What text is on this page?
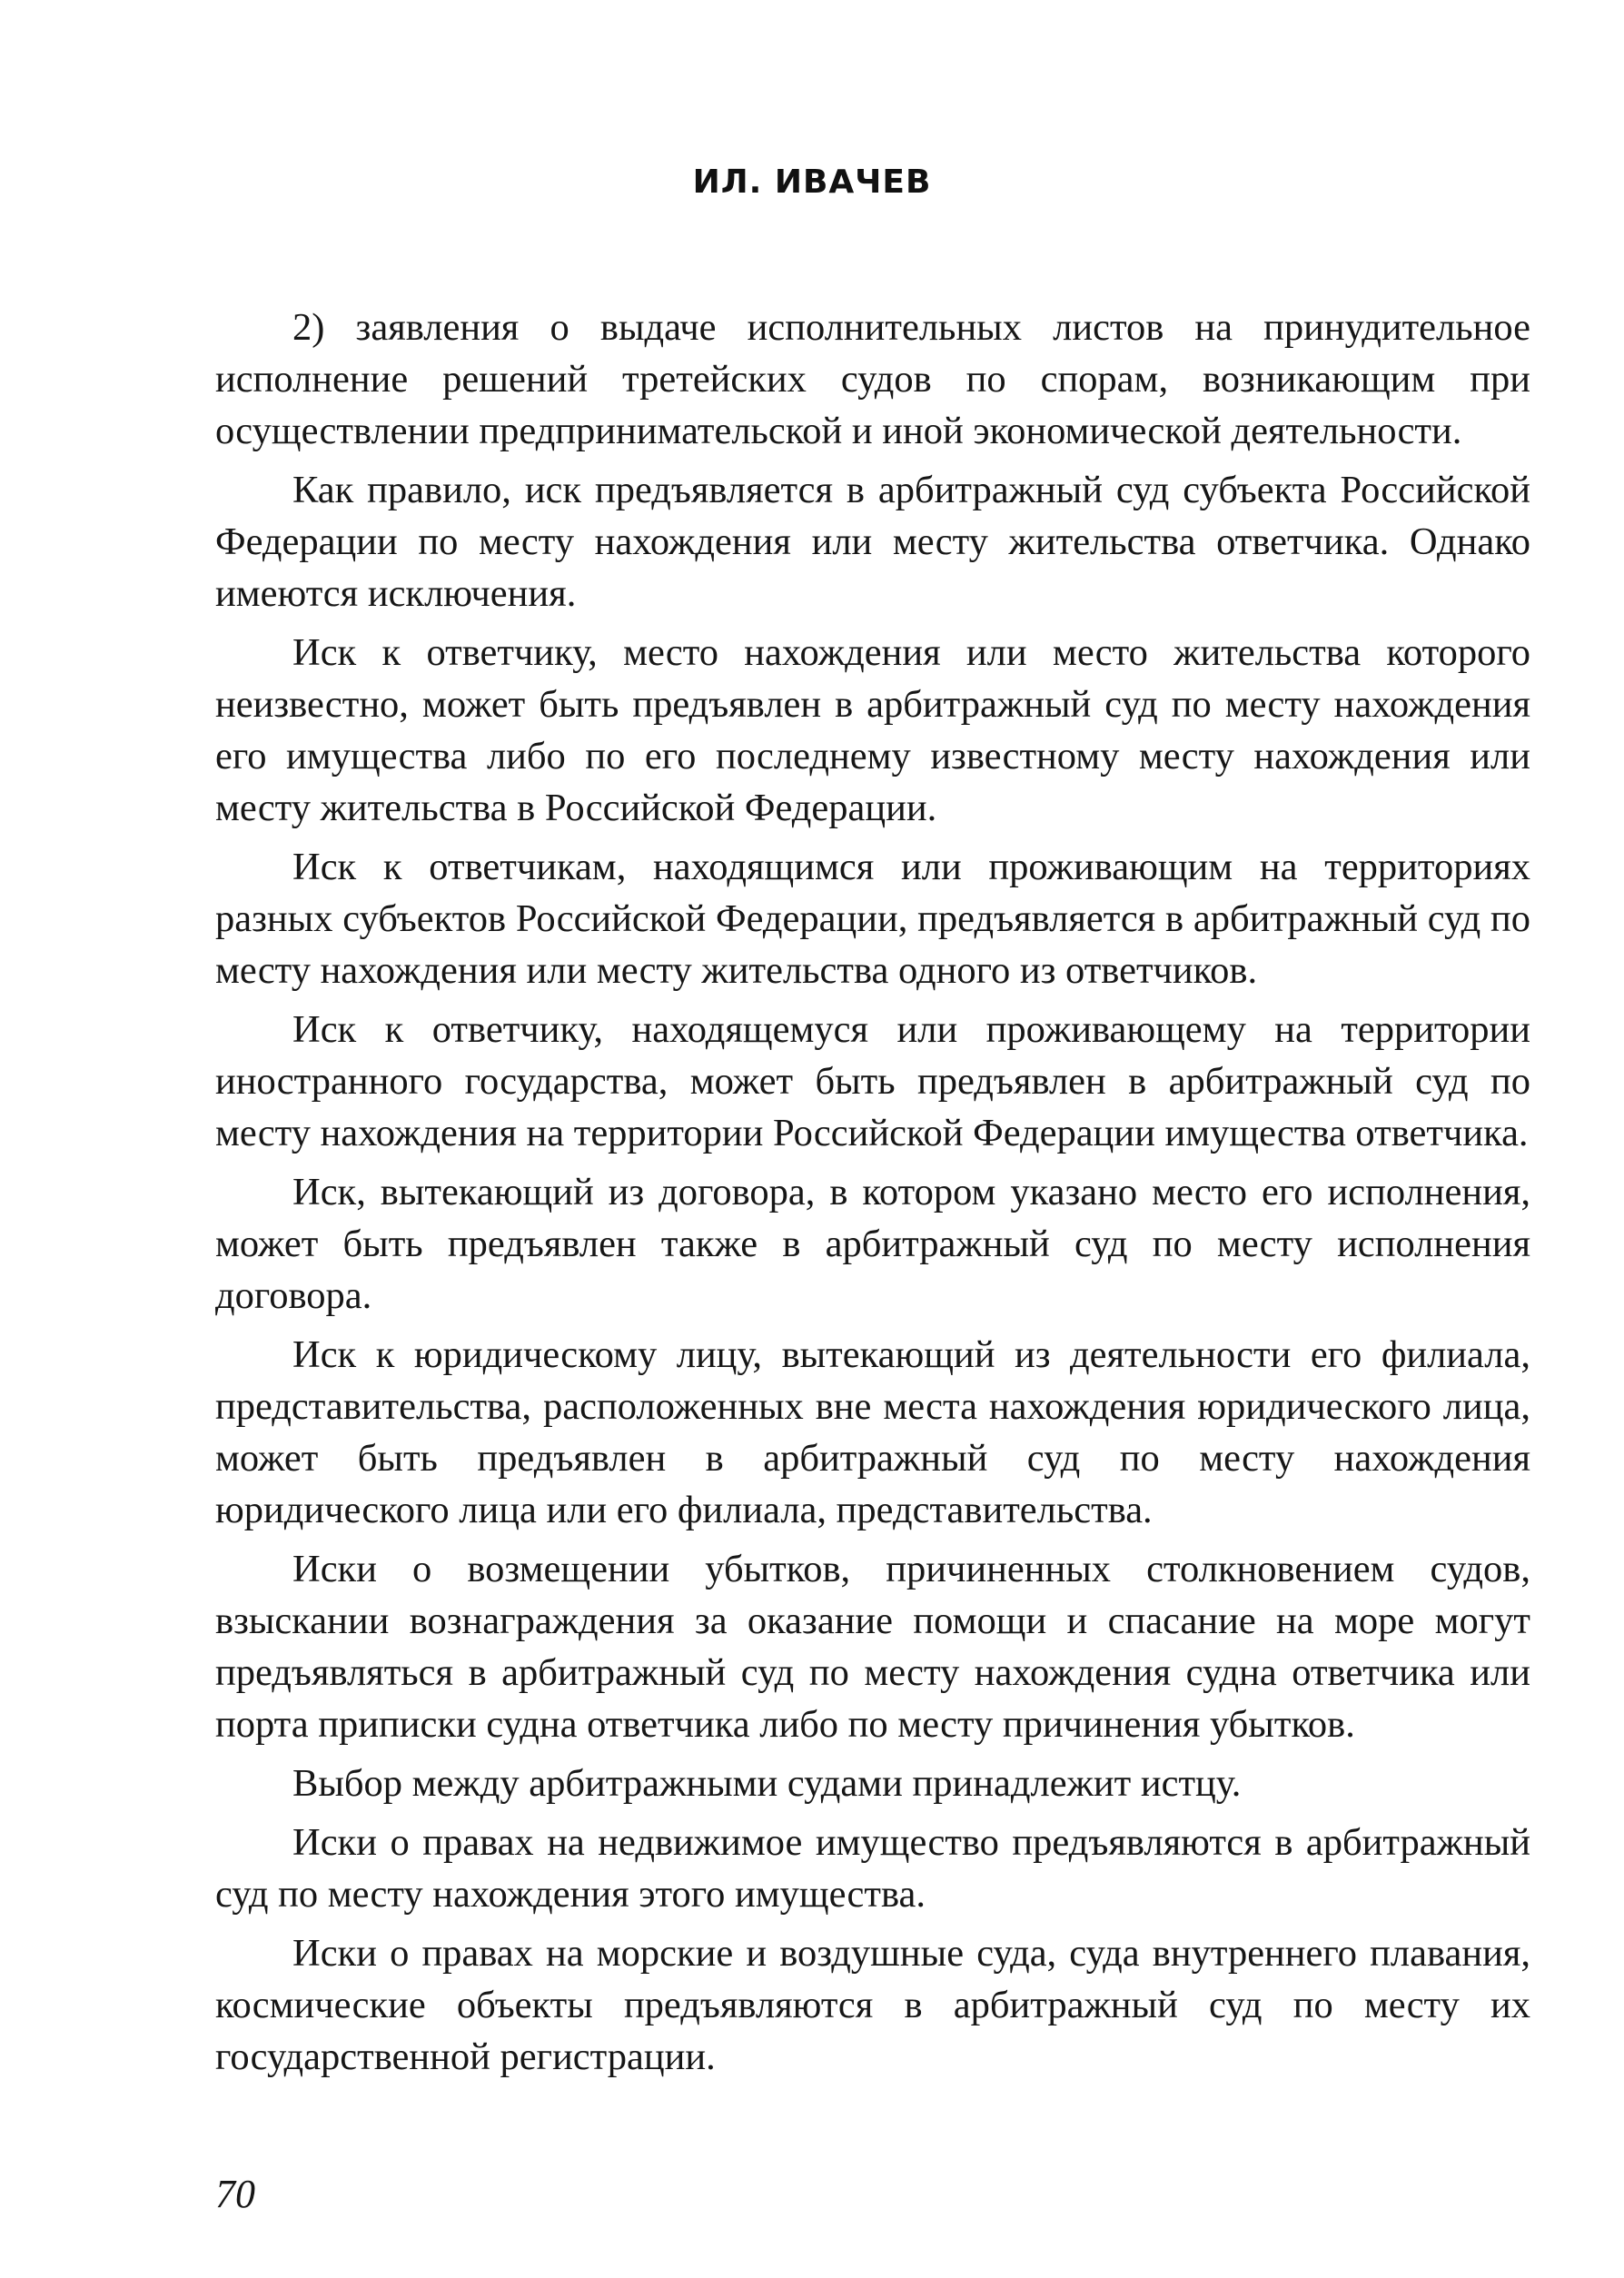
ИЛ. ИВАЧЕВ

2) заявления о выдаче исполнительных листов на принудительное исполнение решений третейских судов по спорам, возникающим при осуществлении предпринимательской и иной экономической деятельности.

Как правило, иск предъявляется в арбитражный суд субъекта Российской Федерации по месту нахождения или месту жительства ответчика. Однако имеются исключения.

Иск к ответчику, место нахождения или место жительства которого неизвестно, может быть предъявлен в арбитражный суд по месту нахождения его имущества либо по его последнему известному месту нахождения или месту жительства в Российской Федерации.

Иск к ответчикам, находящимся или проживающим на территориях разных субъектов Российской Федерации, предъявляется в арбитражный суд по месту нахождения или месту жительства одного из ответчиков.

Иск к ответчику, находящемуся или проживающему на территории иностранного государства, может быть предъявлен в арбитражный суд по месту нахождения на территории Российской Федерации имущества ответчика.

Иск, вытекающий из договора, в котором указано место его исполнения, может быть предъявлен также в арбитражный суд по месту исполнения договора.

Иск к юридическому лицу, вытекающий из деятельности его филиала, представительства, расположенных вне места нахождения юридического лица, может быть предъявлен в арбитражный суд по месту нахождения юридического лица или его филиала, представительства.

Иски о возмещении убытков, причиненных столкновением судов, взыскании вознаграждения за оказание помощи и спасание на море могут предъявляться в арбитражный суд по месту нахождения судна ответчика или порта приписки судна ответчика либо по месту причинения убытков.

Выбор между арбитражными судами принадлежит истцу.

Иски о правах на недвижимое имущество предъявляются в арбитражный суд по месту нахождения этого имущества.

Иски о правах на морские и воздушные суда, суда внутреннего плавания, космические объекты предъявляются в арбитражный суд по месту их государственной регистрации.

70
